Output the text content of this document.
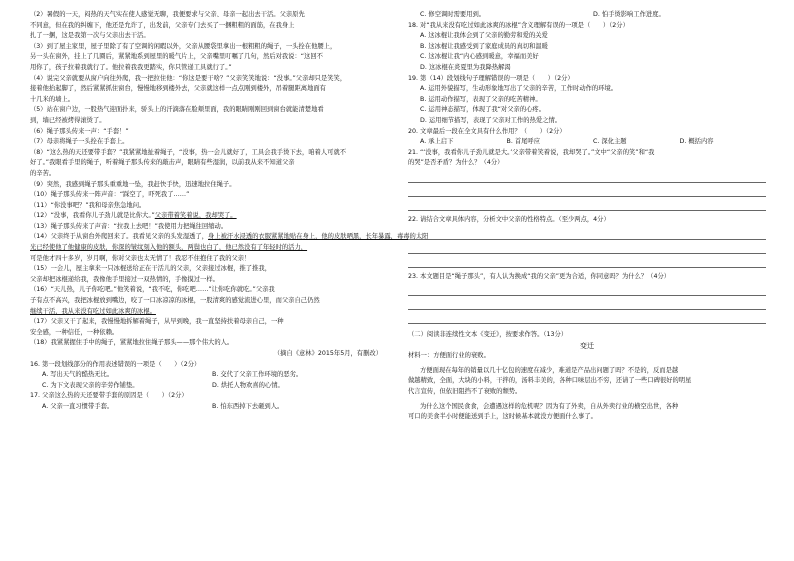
（2）暑假的一天，闷热的天气实在使人感觉无聊，我便要求与父亲、母亲一起出去干活。父亲原先
不同意，但在我的纠缠下，他还是允许了，出发前，父亲专门去买了一捆粗粗的面筋，在我身上
扎了一捆，这是我第一次与父亲出去干活。
（3）到了屋主家里，屋子里除了有了空调的闲暇以外，父亲从腰袋里拿出一根粗粗的绳子，一头拴在他腰上，
另一头在窗外，挂上了几圈后，紧紧地系到屋里的暖气片上，父亲嘴里叮嘱了几句，然后对我说：“这回不
用你了，孩子拉着我就行了。他拉着我我更踏实，你只管递工具就行了。”
（4）说完父亲就要从窗户向往外爬，我一把拉住他：“你这是要干啥？”父亲笑笑地说：“没事。”父亲却只是笑笑，
接着他抬起脚了，然后紧紧抓住窗台，慢慢地移到楼外去，父亲就这样一点点刚到楼外，吊着腿距离地面有
十几米的墙上。
（5）站在窗户边，一股热气迎面扑来，骄头上的汗滴落在脸颊里面，我的眼睛刚刚回到窗台就能清楚地看
到，墙已经被烤得滚烫了。
（6）绳子那头传来一声：“手套！”
（7）母亲将绳子一头拴在手套上。
（8）“这么热的天还要带手套？”我紧紧地扯着绳子，“没事，热一会儿就好了，工具会我手烫下去，咱着人可就不
好了。”我眼看手里的绳子，听着绳子那头传来的敲击声，眼睛有些湿润，以前我从来不知道父亲
的辛苦。
（9）突然，我感到绳子那头重重地一坠，我赶快手快，迅速地拉住绳子。
（10）绳子那头传来一阵声音：“踩空了，吓死我了……”
（11）“你没事吧？”我和母亲焦急地问。
（12）“没事，我看你儿子劲儿就是比你大。”父亲带着笑着说，我却哭了。
（13）绳子那头传来了声音：“拉我上去吧！”我使用力把绳往回缩动。
（14）父亲终于从窗台外爬回来了。我看见父亲的头发湿透了，身上被汗水浸透的衣服紧紧地贴在身上，他的皮肤晒黑，长年暴露，毒毒的太阳
光已经使他了他健康的皮肤，你深的皱纹刻入他的额头，两鬓也白了，他已然没有了年轻时的活力，
可是他才四十多岁，岁月啊，你对父亲也太无情了！我忍不住抱住了我的父亲！
（15）一会儿，屋主拿来一只冰棍送给正在干活儿的父亲，父亲接过冰棍，推了推我，
父亲却把冰棍递给我，我像他手里接过一双热情的，手像摸过一样。
（16）“天儿热，儿子你吃吧。”他笑着说，“我不吃，你吃吧……”让你吃你就吃。”父亲我
子有点不高兴，我把冰棍放到嘴边，咬了一口冰凉凉的冰棍，一股清爽的感觉流进心里，而父亲自己仍然
继续干活，我从来没有吃过如此冰爽的冰棍。
（17）父亲又干了起来，我慢慢地拆解着绳子，从早到晚，我一直坚持扶着母亲自己，一种
安全感，一种信任，一种依赖。
（18）我紧紧握住手中的绳子，紧紧地拉住绳子那头——那个伟大的人。
（摘自《意林》2015年5月，有删改）
16. 第一段划线部分的作用表述错误的一项是（　　）（2分）
A. 写出天气的酷热无比。	B. 交代了父亲工作环境的恶劣。
C. 为下文表现父亲的辛劳作铺垫。	D. 烘托人物欢喜的心情。
17. 父亲这么热的天还要带手套的原因是（　　）（2分）
A. 父亲一直习惯带手套。	B. 怕东西掉下去砸到人。
C. 修空调时需要用到。	D. 怕手烫影响工作进度。
18. 对“我从来没有吃过如此冰爽的冰棍”含义理解有误的一项是（　　）（2分）
A. 这冰棍让我体会到了父亲的勤劳和爱的关爱
B. 这冰棍让我感受到了家庭成员的真切和温暖
C. 这冰棍让我“内心感到暖意，幸福而美好
D. 这冰棍在炎夏里为我降热解渴
19. 第（14）段划线句子理解错误的一项是（　　）（2分）
A. 运用外貌描写，生动形象地写出了父亲的辛苦，工作时动作的环境。
B. 运用动作描写，表现了父亲的吃苦精神。
C. 运用神态描写，体现了我“对父亲的心疼。
D. 运用细节描写，表现了父亲对工作的热爱之情。
20. 文章最后一段在全文具有什么作用？（　　）（2分）
A. 承上启下	B. 首尾呼应	C. 深化主题	D. 概括内容
21. “‘没事，我看你儿子劲儿就是大。’父亲带着笑着说，我却哭了。”文中“父亲的笑”和“我
的哭”是否矛盾？为什么？（4分）
22. 请结合文章具体内容，分析文中父亲的性格特点。（至少两点，4分）
23. 本文题目是“绳子那头”，有人认为换成“我的父亲”更为合适，你同意吗？为什么？（4分）
（二）阅读非连续性文本《变迁》，按要求作答。（13分）
变迁
材料一：方便面行业的衰败。
方便面现在每年的销量以几十亿包的速度在减少，难道是产品出问题了吗？不是的，反而是越
做越精致，全面，大块的小料，干拌的，汤料丰美的，各种口味层出不穷，还请了一些口碑很好的明星
代言宣传，但依旧阻挡不了衰败的颓势。
为什么这个国民食食，会遭遇这样的危机呢？因为有了外卖，自从外卖行业的横空出世，各种
可口的美食半小时便能送到手上，这时候基本就没方便面什么事了。
